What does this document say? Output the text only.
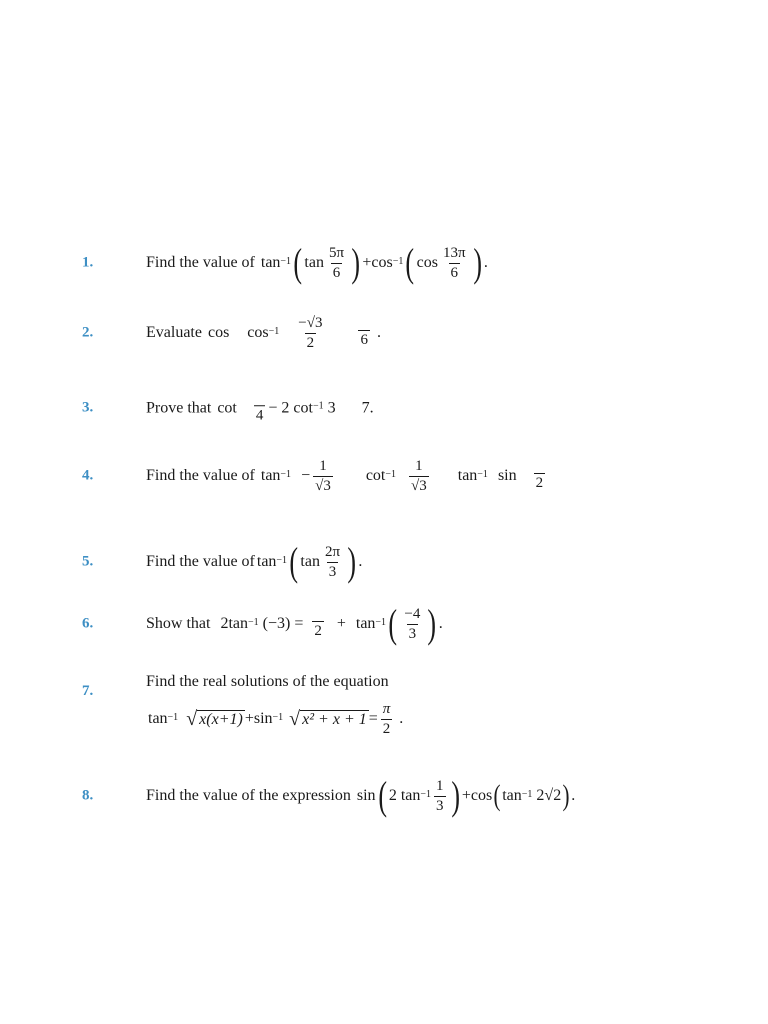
1.	Find the value of $\tan^{-1}$ ( $\tan \frac{5\pi}{6}$ ) + $\cos^{-1}$ ( $\cos \frac{13\pi}{6}$ ) .
2.	Evaluate $\cos \cos^{-1} \frac{-√3}{2} 6$ .
3.	Prove that cot 4 − 2 $\cot^{-1} 3$ 7 .
4.	Find the value of $\tan^{-1} - \frac{1}{√3} \cot^{-1} \frac{1}{√3} \tan^{-1} \sin 2$
5.	Find the value of $\tan^{-1}$ ( $\tan \frac{2\pi}{3}$ ) .
6.	Show that $2\tan^{-1}$ $(-3) = 2 + \tan^{-1}$ ( $\frac{-4}{3}$ ) .
7.
Find the real solutions of the equation
$\tan^{-1}$ √ $x(x+1) + \sin^{-1}$ √ $x^2 + x + 1 = \frac{\pi}{2}$ .
8.	Find the value of the expression sin ( 2 $\tan^{-1} \frac{1}{3}$ ) + cos ( $\tan^{-1} 2√2$ ) .
